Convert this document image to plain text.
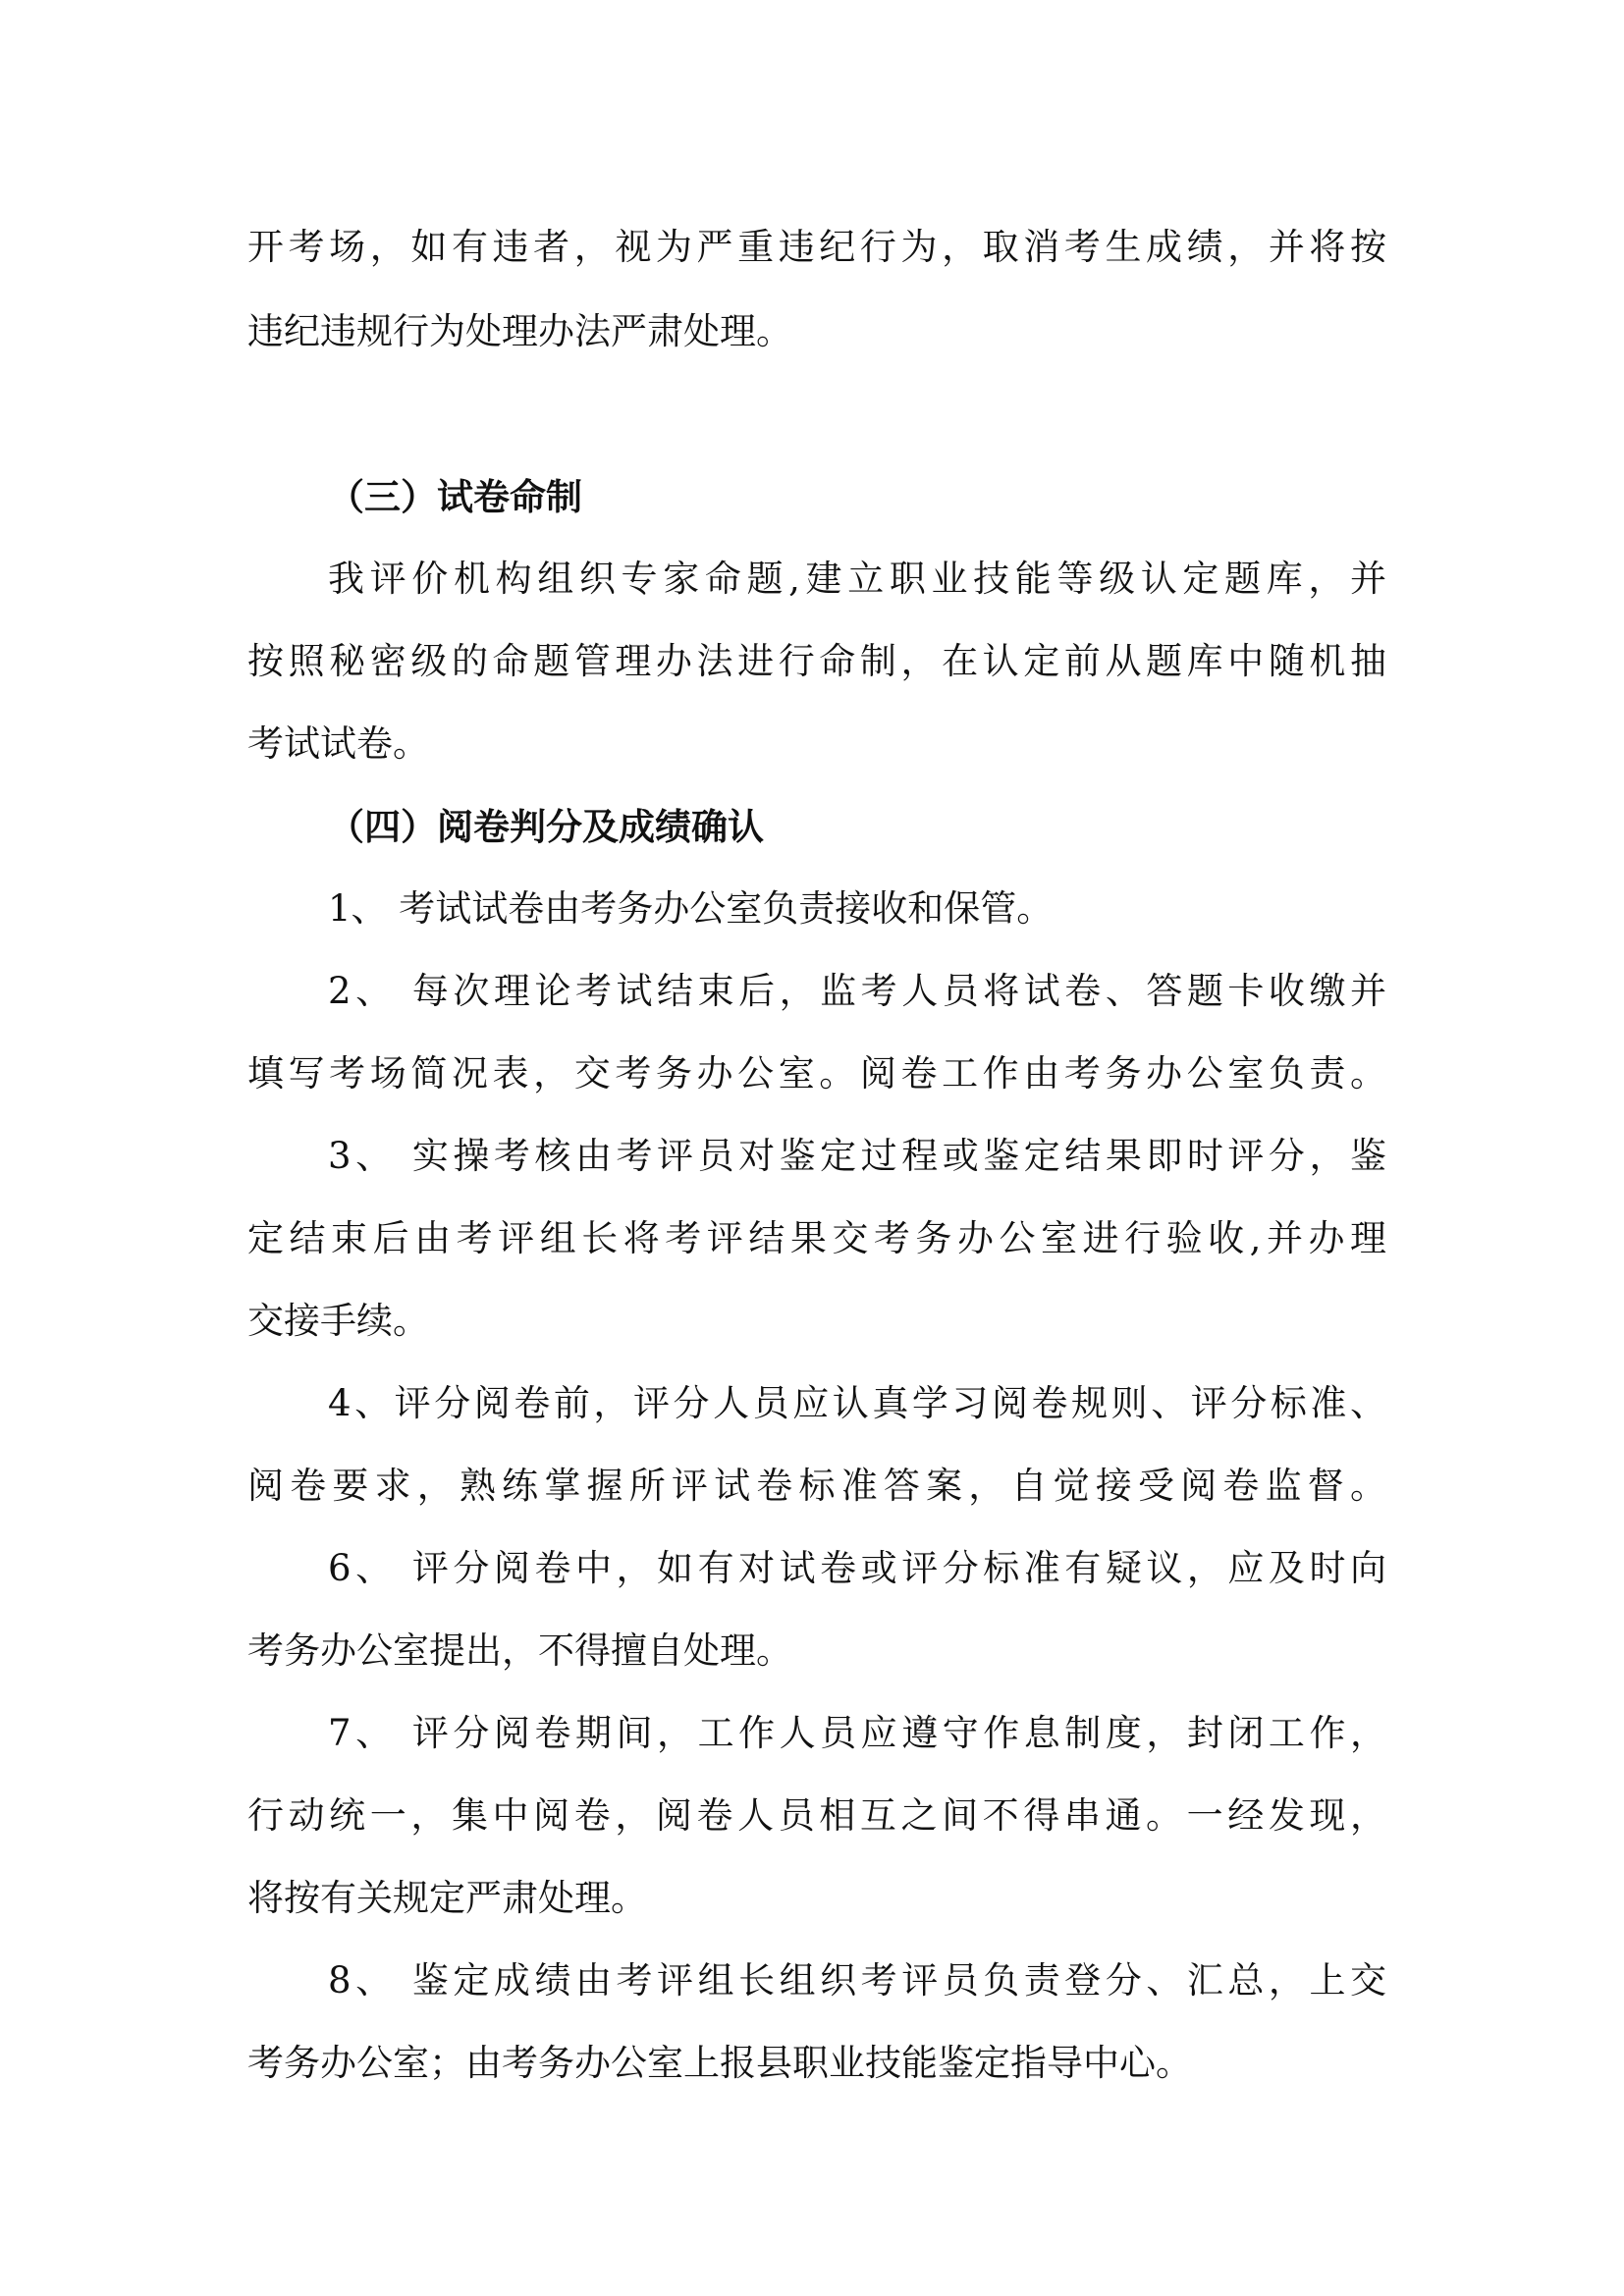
开考场，如有违者，视为严重违纪行为，取消考生成绩，并将按
违纪违规行为处理办法严肃处理。
（三）试卷命制
我评价机构组织专家命题,建立职业技能等级认定题库，并
按照秘密级的命题管理办法进行命制，在认定前从题库中随机抽
考试试卷。
（四）阅卷判分及成绩确认
1、 考试试卷由考务办公室负责接收和保管。
2、 每次理论考试结束后，监考人员将试卷、答题卡收缴并
填写考场简况表，交考务办公室。阅卷工作由考务办公室负责。
3、 实操考核由考评员对鉴定过程或鉴定结果即时评分，鉴
定结束后由考评组长将考评结果交考务办公室进行验收,并办理
交接手续。
4、评分阅卷前，评分人员应认真学习阅卷规则、评分标准、
阅卷要求，熟练掌握所评试卷标准答案，自觉接受阅卷监督。
6、 评分阅卷中，如有对试卷或评分标准有疑议，应及时向
考务办公室提出，不得擅自处理。
7、 评分阅卷期间，工作人员应遵守作息制度，封闭工作，
行动统一，集中阅卷，阅卷人员相互之间不得串通。一经发现，
将按有关规定严肃处理。
8、 鉴定成绩由考评组长组织考评员负责登分、汇总，上交
考务办公室；由考务办公室上报县职业技能鉴定指导中心。
